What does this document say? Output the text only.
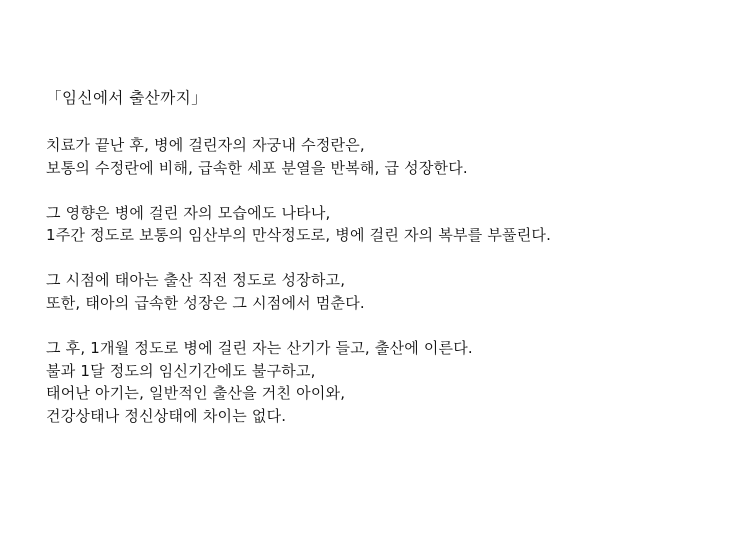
「임신에서 출산까지」
치료가 끝난 후, 병에 걸린자의 자궁내 수정란은,
보통의 수정란에 비해, 급속한 세포 분열을 반복해, 급 성장한다.
그 영향은 병에 걸린 자의 모습에도 나타나,
1주간 정도로 보통의 임산부의 만삭정도로, 병에 걸린 자의 복부를 부풀린다.
그 시점에 태아는 출산 직전 정도로 성장하고,
또한, 태아의 급속한 성장은 그 시점에서 멈춘다.
그 후, 1개월 정도로 병에 걸린 자는 산기가 들고, 출산에 이른다.
불과 1달 정도의 임신기간에도 불구하고,
태어난 아기는, 일반적인 출산을 거친 아이와,
건강상태나 정신상태에 차이는 없다.
